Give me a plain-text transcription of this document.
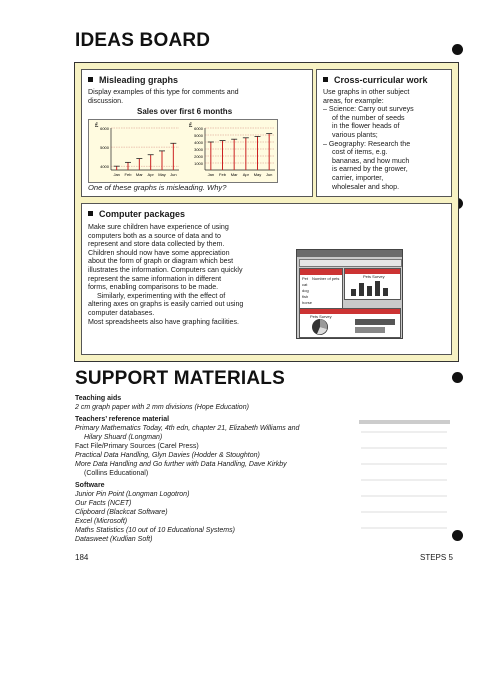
IDEAS BOARD
Misleading graphs
Display examples of this type for comments and
discussion.
Sales over first 6 months
£ 6000
5000
4000
Jan Feb Mar Apr May Jun
£ 6000
5000
4000
3000
2000
1000
Jan Feb Mar Apr May Jun
One of these graphs is misleading. Why?
Cross-curricular work
Use graphs in other subject
areas, for example:
– Science: Carry out surveys
of the number of seeds
in the flower heads of
various plants;
– Geography: Research the
cost of items, e.g.
bananas, and how much
is earned by the grower,
carrier, importer,
wholesaler and shop.
Computer packages
Make sure children have experience of using
computers both as a source of data and to
represent and store data collected by them.
Children should now have some appreciation
about the form of graph or diagram which best
illustrates the information. Computers can quickly
represent the same information in different
forms, enabling comparisons to be made.
Similarly, experimenting with the effect of
altering axes on graphs is easily carried out using
computer databases.
Most spreadsheets also have graphing facilities.
Pet Number of pets
cat
dog
fish
horse
Pets Survey
Pets Survey
SUPPORT MATERIALS
Teaching aids
2 cm graph paper with 2 mm divisions (Hope Education)
Teachers’ reference material
Primary Mathematics Today, 4th edn, chapter 21, Elizabeth Williams and
Hilary Shuard (Longman)
Fact File/Primary Sources (Carel Press)
Practical Data Handling, Glyn Davies (Hodder & Stoughton)
More Data Handling and Go further with Data Handling, Dave Kirkby
(Collins Educational)
Software
Junior Pin Point (Longman Logotron)
Our Facts (NCET)
Clipboard (Blackcat Software)
Excel (Microsoft)
Maths Statistics (10 out of 10 Educational Systems)
Datasweet (Kudlian Soft)
184	STEPS 5
